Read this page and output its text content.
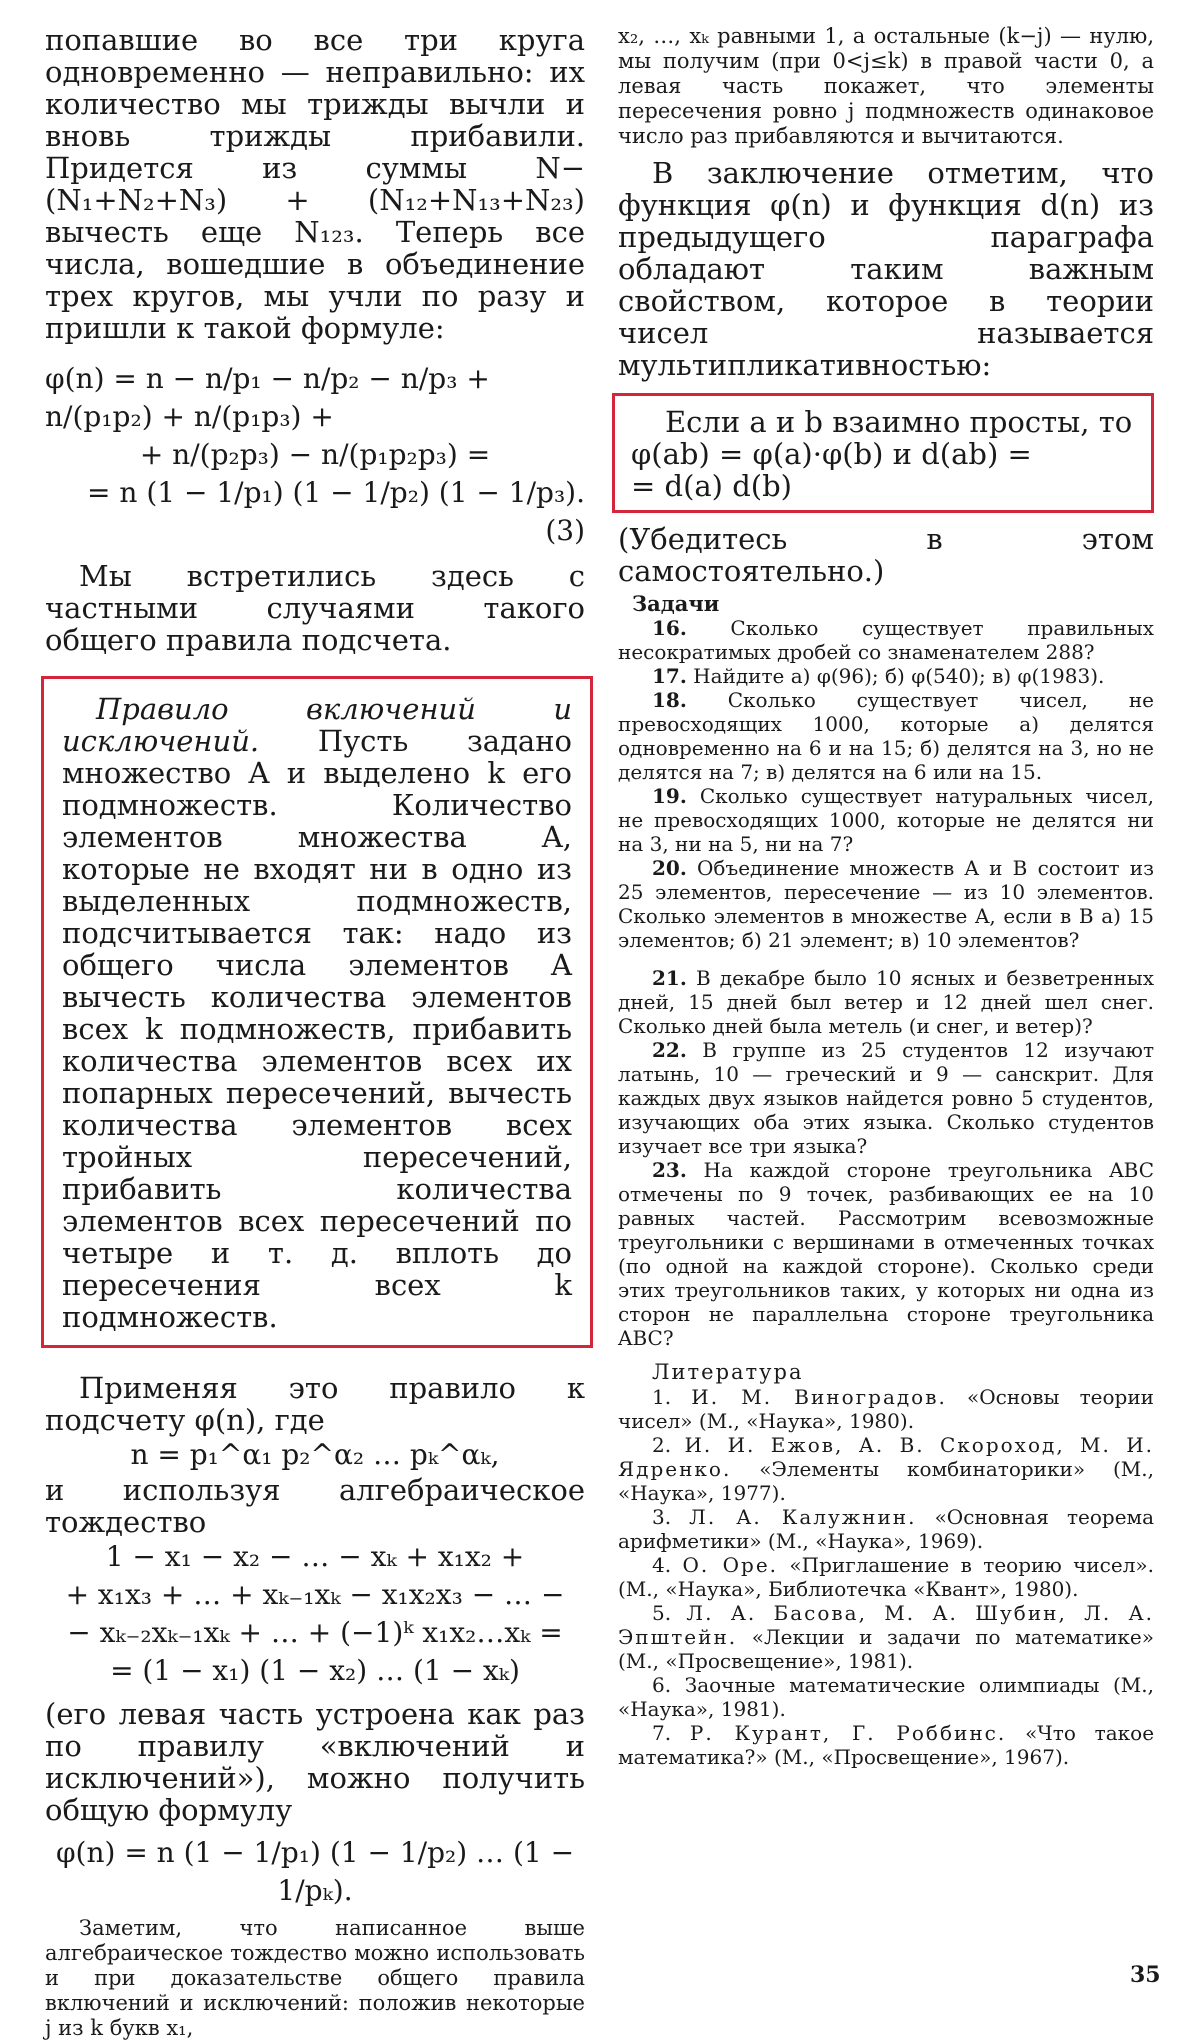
попавшие во все три круга одновременно — неправильно: их количество мы трижды вычли и вновь трижды прибавили. Придется из суммы N−(N₁+N₂+N₃) + (N₁₂+N₁₃+N₂₃) вычесть еще N₁₂₃. Теперь все числа, вошедшие в объединение трех кругов, мы учли по разу и пришли к такой формуле:

φ(n) = n − n/p₁ − n/p₂ − n/p₃ + n/(p₁p₂) + n/(p₁p₃) +

+ n/(p₂p₃) − n/(p₁p₂p₃) =

= n (1 − 1/p₁) (1 − 1/p₂) (1 − 1/p₃). (3)

Мы встретились здесь с частными случаями такого общего правила подсчета.

Правило включений и исключений. Пусть задано множество A и выделено k его подмножеств. Количество элементов множества A, которые не входят ни в одно из выделенных подмножеств, подсчитывается так: надо из общего числа элементов A вычесть количества элементов всех k подмножеств, прибавить количества элементов всех их попарных пересечений, вычесть количества элементов всех тройных пересечений, прибавить количества элементов всех пересечений по четыре и т. д. вплоть до пересечения всех k подмножеств.

Применяя это правило к подсчету φ(n), где

n = p₁^α₁ p₂^α₂ … pₖ^αₖ,

и используя алгебраическое тождество

1 − x₁ − x₂ − … − xₖ + x₁x₂ +

+ x₁x₃ + … + xₖ₋₁xₖ − x₁x₂x₃ − … −

− xₖ₋₂xₖ₋₁xₖ + … + (−1)ᵏ x₁x₂…xₖ =

= (1 − x₁) (1 − x₂) … (1 − xₖ)

(его левая часть устроена как раз по правилу «включений и исключений»), можно получить общую формулу

φ(n) = n (1 − 1/p₁) (1 − 1/p₂) … (1 − 1/pₖ).

Заметим, что написанное выше алгебраическое тождество можно использовать и при доказательстве общего правила включений и исключений: положив некоторые j из k букв x₁,

x₂, …, xₖ равными 1, а остальные (k−j) — нулю, мы получим (при 0<j≤k) в правой части 0, а левая часть покажет, что элементы пересечения ровно j подмножеств одинаковое число раз прибавляются и вычитаются.

В заключение отметим, что функция φ(n) и функция d(n) из предыдущего параграфа обладают таким важным свойством, которое в теории чисел называется мультипликативностью:

Если a и b взаимно просты, то

φ(ab) = φ(a)·φ(b) и d(ab) =

= d(a) d(b)

(Убедитесь в этом самостоятельно.)

Задачи

16. Сколько существует правильных несократимых дробей со знаменателем 288?

17. Найдите а) φ(96); б) φ(540); в) φ(1983).

18. Сколько существует чисел, не превосходящих 1000, которые а) делятся одновременно на 6 и на 15; б) делятся на 3, но не делятся на 7; в) делятся на 6 или на 15.

19. Сколько существует натуральных чисел, не превосходящих 1000, которые не делятся ни на 3, ни на 5, ни на 7?

20. Объединение множеств A и B состоит из 25 элементов, пересечение — из 10 элементов. Сколько элементов в множестве A, если в B а) 15 элементов; б) 21 элемент; в) 10 элементов?

21. В декабре было 10 ясных и безветренных дней, 15 дней был ветер и 12 дней шел снег. Сколько дней была метель (и снег, и ветер)?

22. В группе из 25 студентов 12 изучают латынь, 10 — греческий и 9 — санскрит. Для каждых двух языков найдется ровно 5 студентов, изучающих оба этих языка. Сколько студентов изучает все три языка?

23. На каждой стороне треугольника ABC отмечены по 9 точек, разбивающих ее на 10 равных частей. Рассмотрим всевозможные треугольники с вершинами в отмеченных точках (по одной на каждой стороне). Сколько среди этих треугольников таких, у которых ни одна из сторон не параллельна стороне треугольника ABC?

Литература

1. И. М. Виноградов. «Основы теории чисел» (М., «Наука», 1980).

2. И. И. Ежов, А. В. Скороход, М. И. Ядренко. «Элементы комбинаторики» (М., «Наука», 1977).

3. Л. А. Калужнин. «Основная теорема арифметики» (М., «Наука», 1969).

4. О. Оре. «Приглашение в теорию чисел». (М., «Наука», Библиотечка «Квант», 1980).

5. Л. А. Басова, М. А. Шубин, Л. А. Эпштейн. «Лекции и задачи по математике» (М., «Просвещение», 1981).

6. Заочные математические олимпиады (М., «Наука», 1981).

7. Р. Курант, Г. Роббинс. «Что такое математика?» (М., «Просвещение», 1967).

35
